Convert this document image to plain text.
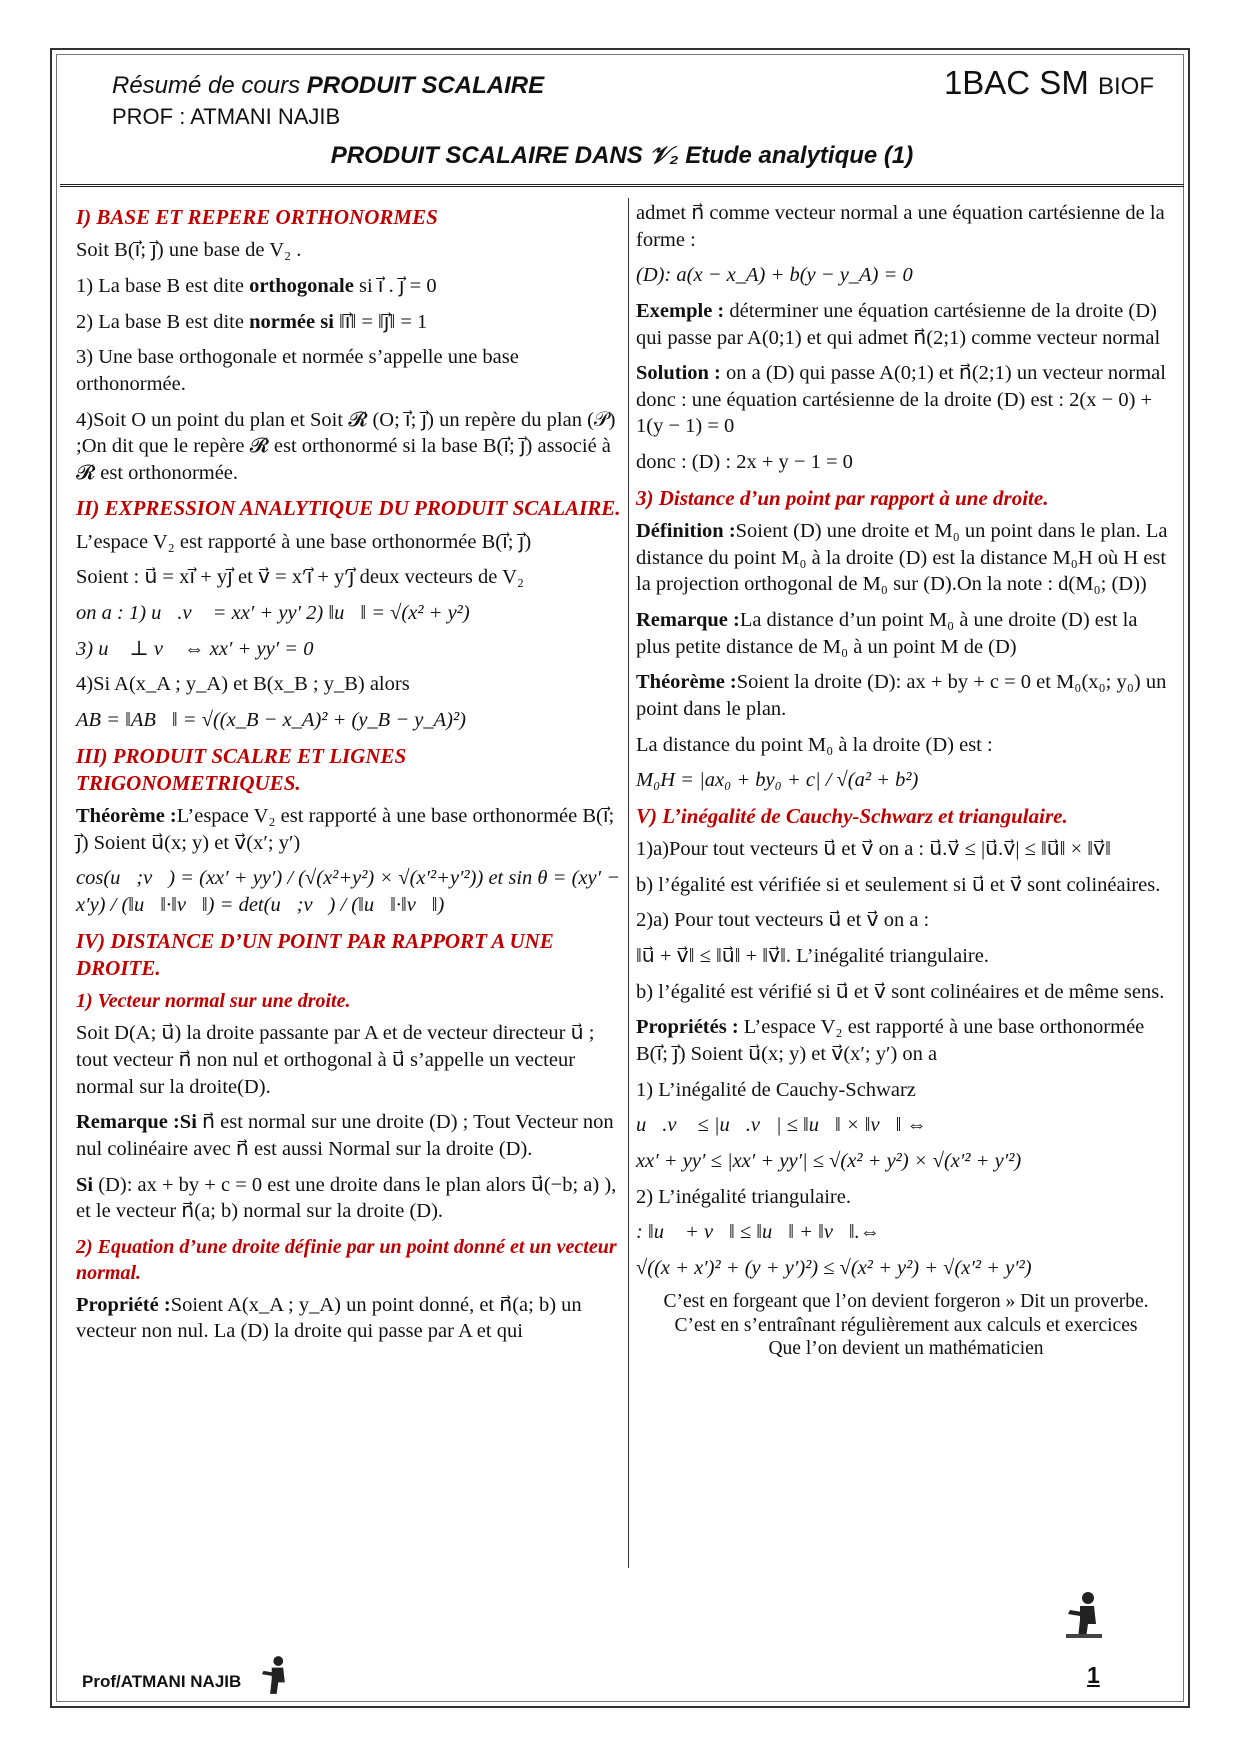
Résumé de cours PRODUIT SCALAIRE
PROF : ATMANI NAJIB
1BAC SM BIOF
PRODUIT SCALAIRE DANS 𝒱₂ Etude analytique (1)
I) BASE ET REPERE ORTHONORMES

Soit B(i⃗; j⃗) une base de V₂ .

1) La base B est dite orthogonale si i⃗ . j⃗ = 0

2) La base B est dite normée si ‖i⃗‖ = ‖j⃗‖ = 1

3) Une base orthogonale et normée s’appelle une base orthonormée.

4)Soit O un point du plan et Soit 𝓡 (O; i⃗; j⃗) un repère du plan (𝒫) ;On dit que le repère 𝓡 est orthonormé si la base B(i⃗; j⃗) associé à 𝓡 est orthonormée.

II) EXPRESSION ANALYTIQUE DU PRODUIT SCALAIRE.

L’espace V₂ est rapporté à une base orthonormée B(i⃗; j⃗)

Soient : u⃗ = xi⃗ + yj⃗ et v⃗ = x′i⃗ + y′j⃗ deux vecteurs de V₂

on a : 1) u⃗.v⃗ = xx′ + yy′ 2) ‖u⃗‖ = √(x² + y²)

3) u⃗ ⊥ v⃗ ⇔ xx′ + yy′ = 0

4)Si A(x_A ; y_A) et B(x_B ; y_B) alors

AB = ‖AB⃗‖ = √((x_B − x_A)² + (y_B − y_A)²)

III) PRODUIT SCALRE ET LIGNES TRIGONOMETRIQUES.

Théorème :L’espace V₂ est rapporté à une base orthonormée B(i⃗; j⃗) Soient u⃗(x; y) et v⃗(x′; y′)

cos(u⃗;v⃗) = (xx′ + yy′) / (√(x²+y²) × √(x′²+y′²)) et sin θ = (xy′ − x′y) / (‖u⃗‖·‖v⃗‖) = det(u⃗;v⃗) / (‖u⃗‖·‖v⃗‖)

IV) DISTANCE D’UN POINT PAR RAPPORT A UNE DROITE.
1) Vecteur normal sur une droite.

Soit D(A; u⃗) la droite passante par A et de vecteur directeur u⃗ ; tout vecteur n⃗ non nul et orthogonal à u⃗ s’appelle un vecteur normal sur la droite(D).

Remarque :Si n⃗ est normal sur une droite (D) ; Tout Vecteur non nul colinéaire avec n⃗ est aussi Normal sur la droite (D).

Si (D): ax + by + c = 0 est une droite dans le plan alors u⃗(−b; a) ), et le vecteur n⃗(a; b) normal sur la droite (D).

2) Equation d’une droite définie par un point donné et un vecteur normal.

Propriété :Soient A(x_A ; y_A) un point donné, et n⃗(a; b) un vecteur non nul. La (D) la droite qui passe par A et qui

admet n⃗ comme vecteur normal a une équation cartésienne de la forme :

(D): a(x − x_A) + b(y − y_A) = 0

Exemple : déterminer une équation cartésienne de la droite (D) qui passe par A(0;1) et qui admet n⃗(2;1) comme vecteur normal

Solution : on a (D) qui passe A(0;1) et n⃗(2;1) un vecteur normal donc : une équation cartésienne de la droite (D) est : 2(x − 0) + 1(y − 1) = 0

donc : (D) : 2x + y − 1 = 0

3) Distance d’un point par rapport à une droite.

Définition :Soient (D) une droite et M₀ un point dans le plan. La distance du point M₀ à la droite (D) est la distance M₀H où H est la projection orthogonal de M₀ sur (D).On la note : d(M₀; (D))

Remarque :La distance d’un point M₀ à une droite (D) est la plus petite distance de M₀ à un point M de (D)

Théorème :Soient la droite (D): ax + by + c = 0 et M₀(x₀; y₀) un point dans le plan.

La distance du point M₀ à la droite (D) est :

M₀H = |ax₀ + by₀ + c| / √(a² + b²)

V) L’inégalité de Cauchy-Schwarz et triangulaire.

1)a)Pour tout vecteurs u⃗ et v⃗ on a : u⃗.v⃗ ≤ |u⃗.v⃗| ≤ ‖u⃗‖ × ‖v⃗‖

b) l’égalité est vérifiée si et seulement si u⃗ et v⃗ sont colinéaires.

2)a) Pour tout vecteurs u⃗ et v⃗ on a :

‖u⃗ + v⃗‖ ≤ ‖u⃗‖ + ‖v⃗‖. L’inégalité triangulaire.

b) l’égalité est vérifié si u⃗ et v⃗ sont colinéaires et de même sens.

Propriétés : L’espace V₂ est rapporté à une base orthonormée B(i⃗; j⃗) Soient u⃗(x; y) et v⃗(x′; y′) on a

1) L’inégalité de Cauchy-Schwarz

u⃗.v⃗ ≤ |u⃗.v⃗| ≤ ‖u⃗‖ × ‖v⃗‖ ⇔

xx′ + yy′ ≤ |xx′ + yy′| ≤ √(x² + y²) × √(x′² + y′²)

2) L’inégalité triangulaire.

: ‖u⃗ + v⃗‖ ≤ ‖u⃗‖ + ‖v⃗‖.⇔

√((x + x′)² + (y + y′)²) ≤ √(x² + y²) + √(x′² + y′²)

C’est en forgeant que l’on devient forgeron » Dit un proverbe.
C’est en s’entraînant régulièrement aux calculs et exercices
Que l’on devient un mathématicien
Prof/ATMANI NAJIB	1
